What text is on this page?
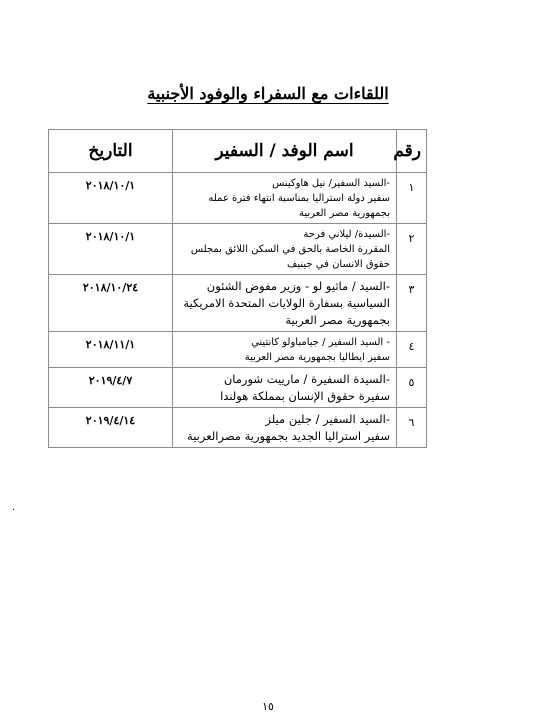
اللقاءات مع السفراء والوفود الأجنبية
رقم	اسم الوفد / السفير	التاريخ
١	-السيد السفير/ نيل هاوكينس
سفير دولة استراليا بمناسبة انتهاء فترة عمله
بجمهورية مصر العربية	٢٠١٨/١٠/١
٢	-السيدة/ ليلاني فرحة
المقررة الخاصة بالحق في السكن اللائق بمجلس
حقوق الانسان في جينيف	٢٠١٨/١٠/١
٣	-السيد / ماثيو لو - وزير مفوض الشئون
السياسية بسفارة الولايات المتحدة الامريكية
بجمهورية مصر العربية	٢٠١٨/١٠/٢٤
٤	- السيد السفير / جيامباولو كانتيني
سفير ايطاليا بجمهورية مصر العربية	٢٠١٨/١١/١
٥	-السيدة السفيرة / مارييت شورمان
سفيرة حقوق الإنسان بمملكة هولندا	٢٠١٩/٤/٧
٦	-السيد السفير / جلين ميلز
سفير استراليا الجديد بجمهورية مصرالعربية	٢٠١٩/٤/١٤
.
١٥
